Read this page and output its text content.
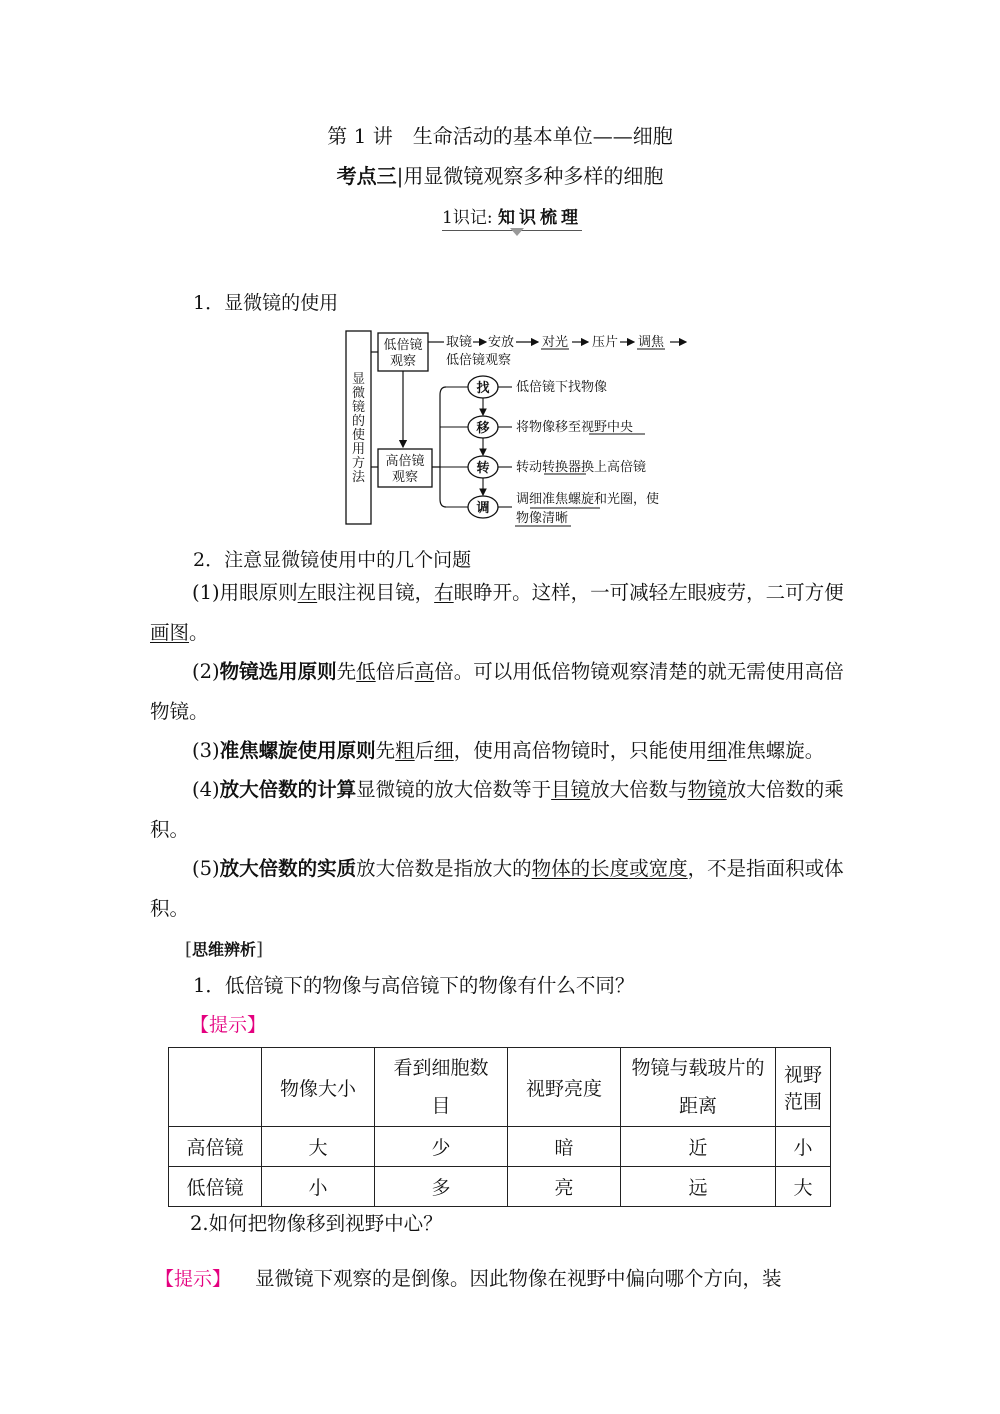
第 1 讲　生命活动的基本单位——细胞
考点三|用显微镜观察多种多样的细胞
1识记: 知识梳理
1．显微镜的使用
显
微
镜
的
使
用
方
法
低倍镜
观察
高倍镜
观察
取镜 安放 对光 压片 调焦
低倍镜观察
找 低倍镜下找物像
移 将物像移至视野中央
转 转动转换器换上高倍镜
调
调细准焦螺旋和光圈，使
物像清晰
2．注意显微镜使用中的几个问题

(1)用眼原则左眼注视目镜，右眼睁开。这样，一可减轻左眼疲劳，二可方便画图。

(2)物镜选用原则先低倍后高倍。可以用低倍物镜观察清楚的就无需使用高倍物镜。

(3)准焦螺旋使用原则先粗后细，使用高倍物镜时，只能使用细准焦螺旋。

(4)放大倍数的计算显微镜的放大倍数等于目镜放大倍数与物镜放大倍数的乘积。

(5)放大倍数的实质放大倍数是指放大的物体的长度或宽度，不是指面积或体积。

[思维辨析]
1．低倍镜下的物像与高倍镜下的物像有什么不同？
【提示】
	物像大小	看到细胞数目	视野亮度	物镜与载玻片的距离	视野范围
高倍镜	大	少	暗	近	小
低倍镜	小	多	亮	远	大
2.如何把物像移到视野中心？
【提示】 显微镜下观察的是倒像。因此物像在视野中偏向哪个方向，装
